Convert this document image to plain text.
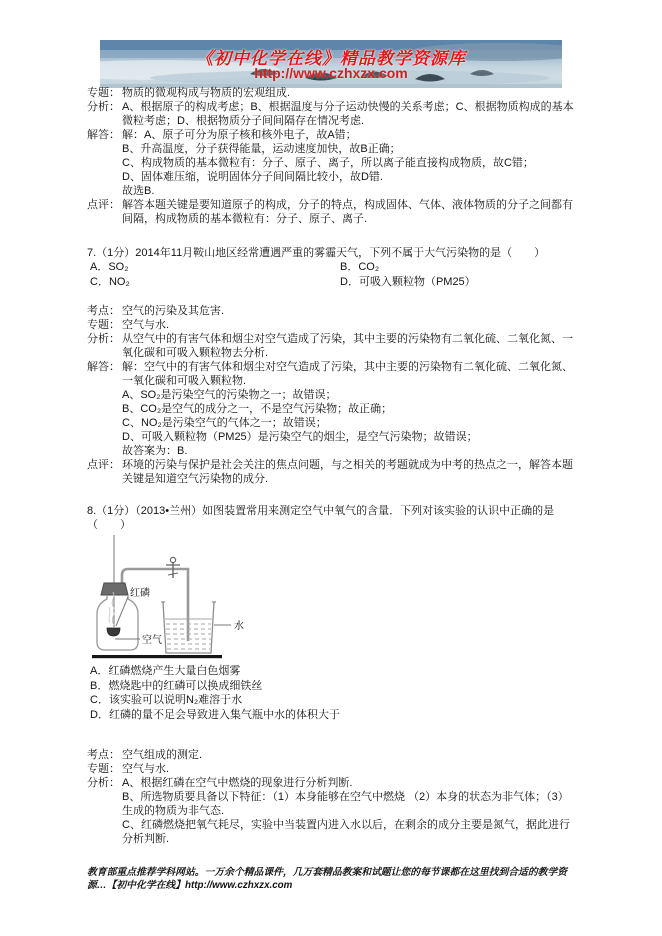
《初中化学在线》精品教学资源库
http://www.czhxzx.com
专题： 物质的微观构成与物质的宏观组成.
分析： A、根据原子的构成考虑；B、根据温度与分子运动快慢的关系考虑；C、根据物质构成的基本微粒考虑；D、根据物质分子间间隔存在情况考虑.
解答： 解：A、原子可分为原子核和核外电子，故A错；
B、升高温度，分子获得能量，运动速度加快，故B正确；
C、构成物质的基本微粒有：分子、原子、离子，所以离子能直接构成物质，故C错；
D、固体难压缩，说明固体分子间间隔比较小，故D错.
故选B.
点评： 解答本题关键是要知道原子的构成，分子的特点，构成固体、气体、液体物质的分子之间都有间隔，构成物质的基本微粒有：分子、原子、离子.
7.（1分）2014年11月鞍山地区经常遭遇严重的雾霾天气，下列不属于大气污染物的是（　　）
A．SO₂	B．CO₂
C．NO₂	D．可吸入颗粒物（PM25）
考点： 空气的污染及其危害.
专题： 空气与水.
分析： 从空气中的有害气体和烟尘对空气造成了污染，其中主要的污染物有二氧化硫、二氧化氮、一氧化碳和可吸入颗粒物去分析.
解答： 解：空气中的有害气体和烟尘对空气造成了污染，其中主要的污染物有二氧化硫、二氧化氮、一氧化碳和可吸入颗粒物.
A、SO₂是污染空气的污染物之一；故错误；
B、CO₂是空气的成分之一，不是空气污染物；故正确；
C、NO₂是污染空气的气体之一；故错误；
D、可吸入颗粒物（PM25）是污染空气的烟尘，是空气污染物；故错误；
故答案为：B.
点评： 环境的污染与保护是社会关注的焦点问题，与之相关的考题就成为中考的热点之一，解答本题关键是知道空气污染物的成分.
8.（1分）（2013•兰州）如图装置常用来测定空气中氧气的含量．下列对该实验的认识中正确的是（　　）
红磷
空气
水
A．红磷燃烧产生大量白色烟雾
B．燃烧匙中的红磷可以换成细铁丝
C．该实验可以说明N₂难溶于水
D．红磷的量不足会导致进入集气瓶中水的体积大于
考点： 空气组成的测定.
专题： 空气与水.
分析： A、根据红磷在空气中燃烧的现象进行分析判断.
B、所选物质要具备以下特征：（1）本身能够在空气中燃烧 （2）本身的状态为非气体；（3）生成的物质为非气态.
C、红磷燃烧把氧气耗尽，实验中当装置内进入水以后，在剩余的成分主要是氮气，据此进行分析判断.
教育部重点推荐学科网站。一万余个精品课件，几万套精品教案和试题让您的每节课都在这里找到合适的教学资源…【初中化学在线】http://www.czhxzx.com
